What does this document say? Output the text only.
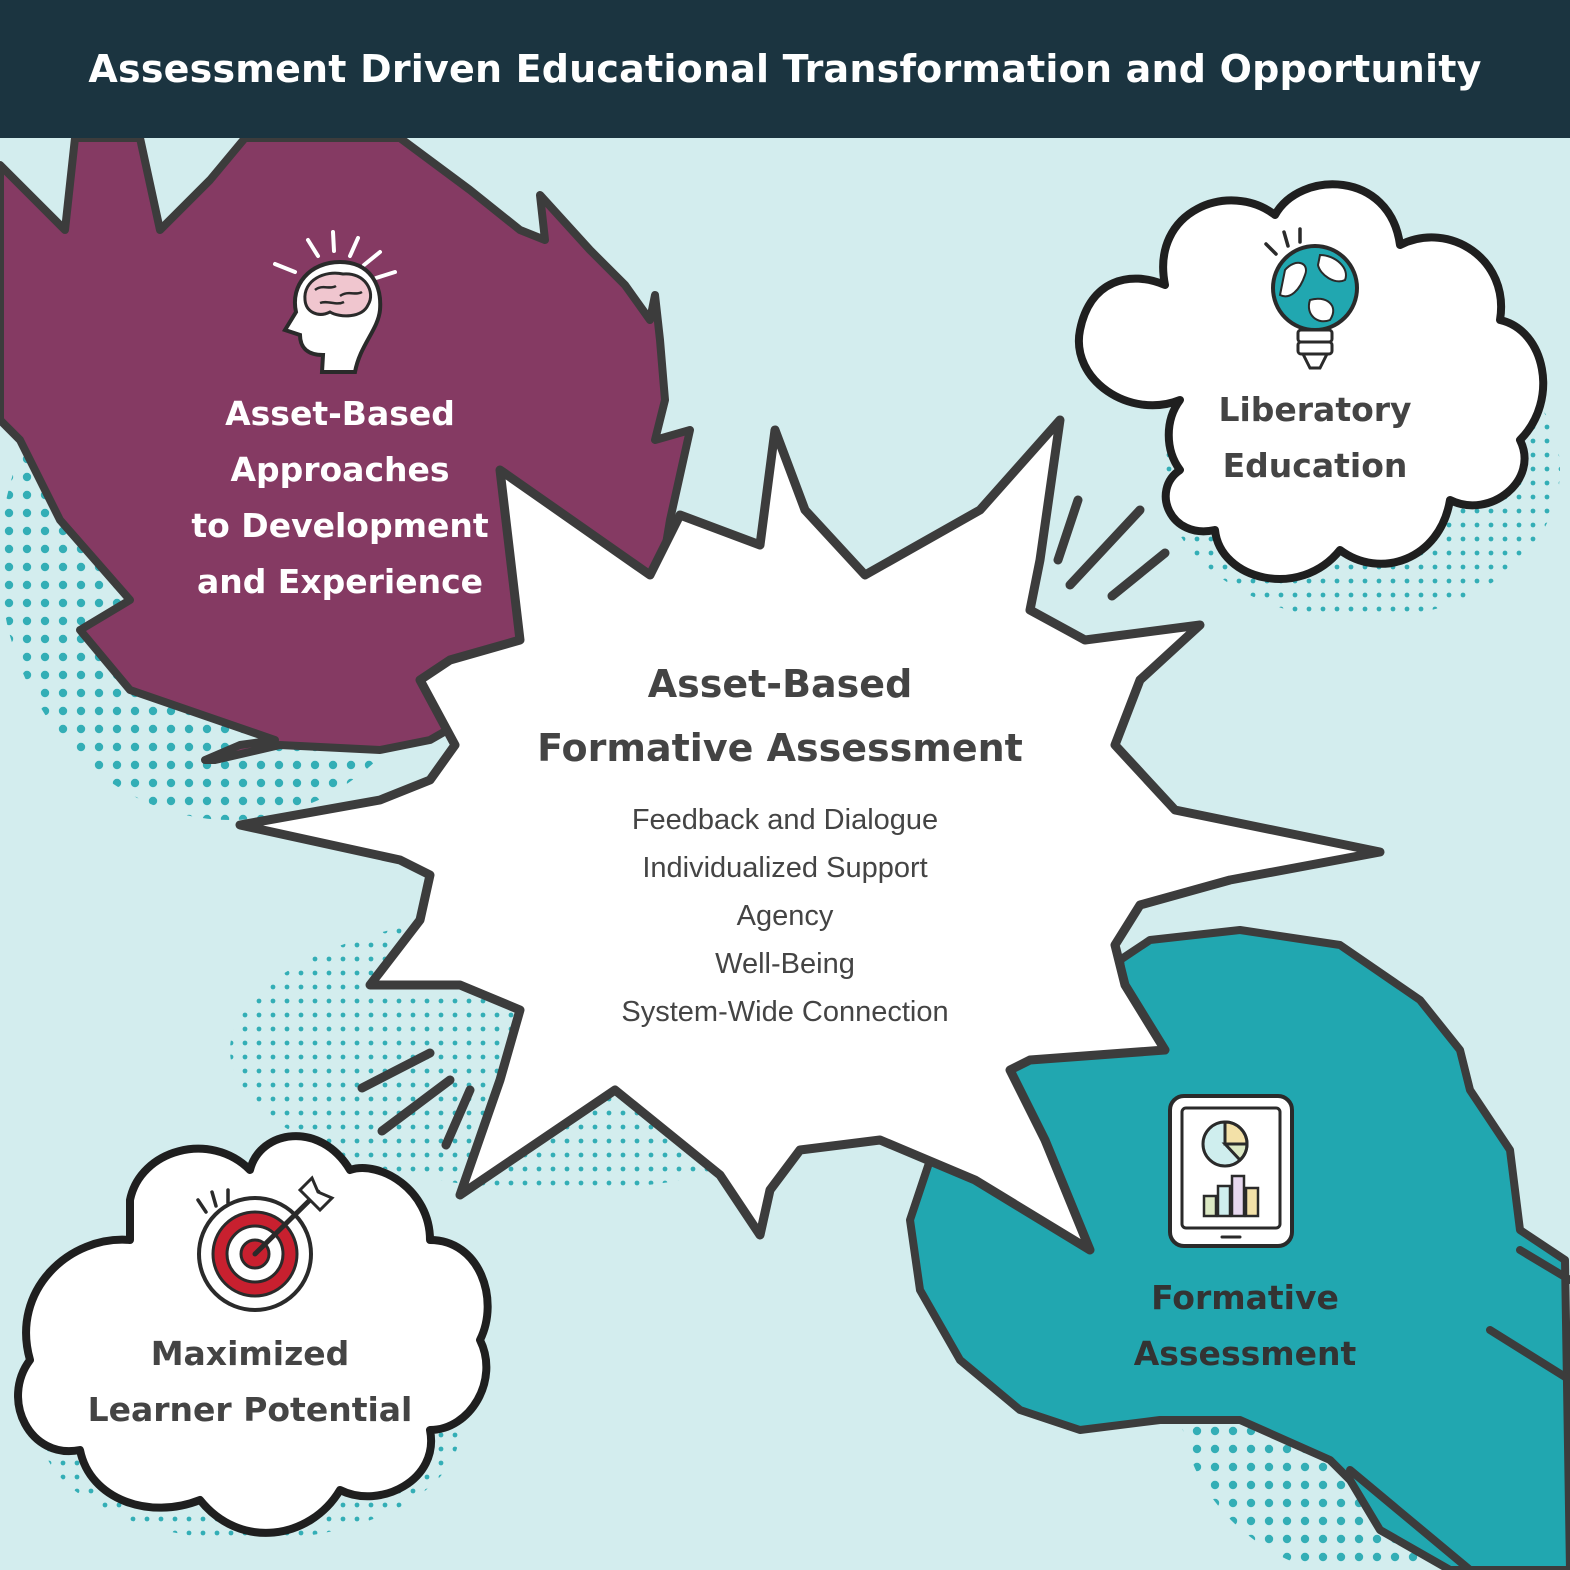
Assessment Driven Educational Transformation and Opportunity
Asset-Based
Approaches
to Development
and Experience
Liberatory
Education
Formative
Assessment
Maximized
Learner Potential
Asset-Based
Formative Assessment
Feedback and Dialogue
Individualized Support
Agency
Well-Being
System-Wide Connection
